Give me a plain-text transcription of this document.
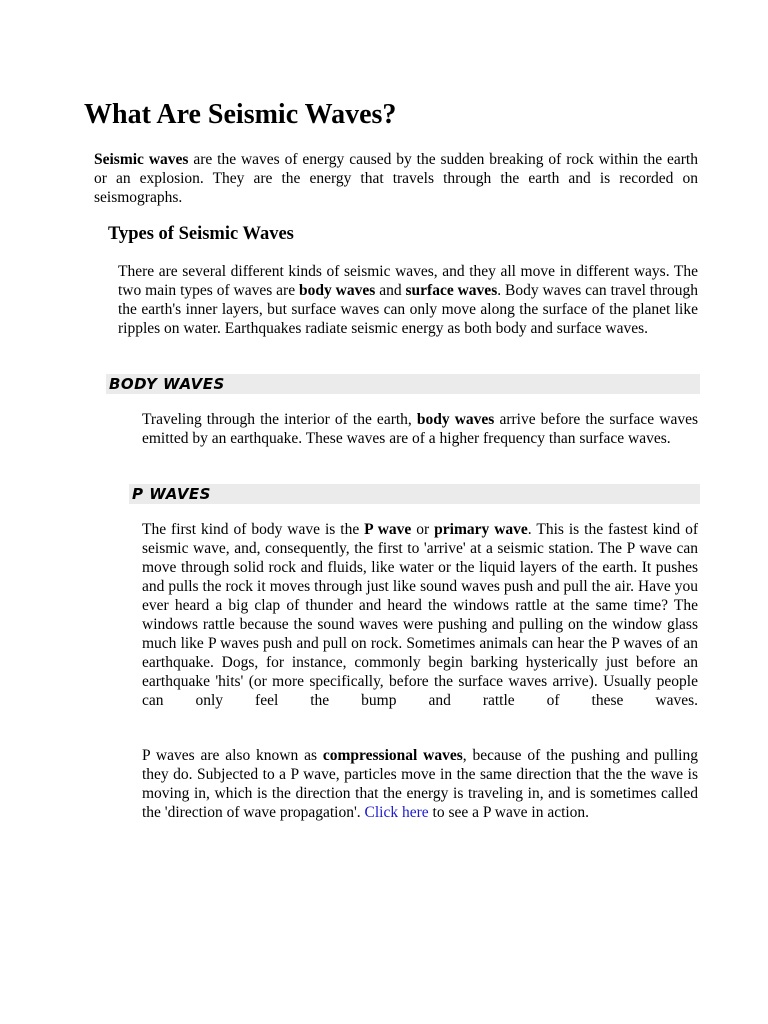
What Are Seismic Waves?

Seismic waves are the waves of energy caused by the sudden breaking of rock within the earth or an explosion. They are the energy that travels through the earth and is recorded on seismographs.

Types of Seismic Waves

There are several different kinds of seismic waves, and they all move in different ways. The two main types of waves are body waves and surface waves. Body waves can travel through the earth's inner layers, but surface waves can only move along the surface of the planet like ripples on water. Earthquakes radiate seismic energy as both body and surface waves.

BODY WAVES

Traveling through the interior of the earth, body waves arrive before the surface waves emitted by an earthquake. These waves are of a higher frequency than surface waves.

P WAVES

The first kind of body wave is the P wave or primary wave. This is the fastest kind of seismic wave, and, consequently, the first to 'arrive' at a seismic station. The P wave can move through solid rock and fluids, like water or the liquid layers of the earth. It pushes and pulls the rock it moves through just like sound waves push and pull the air. Have you ever heard a big clap of thunder and heard the windows rattle at the same time? The windows rattle because the sound waves were pushing and pulling on the window glass much like P waves push and pull on rock. Sometimes animals can hear the P waves of an earthquake. Dogs, for instance, commonly begin barking hysterically just before an earthquake 'hits' (or more specifically, before the surface waves arrive). Usually people can only feel the bump and rattle of these waves.

P waves are also known as compressional waves, because of the pushing and pulling they do. Subjected to a P wave, particles move in the same direction that the the wave is moving in, which is the direction that the energy is traveling in, and is sometimes called the 'direction of wave propagation'. Click here to see a P wave in action.
